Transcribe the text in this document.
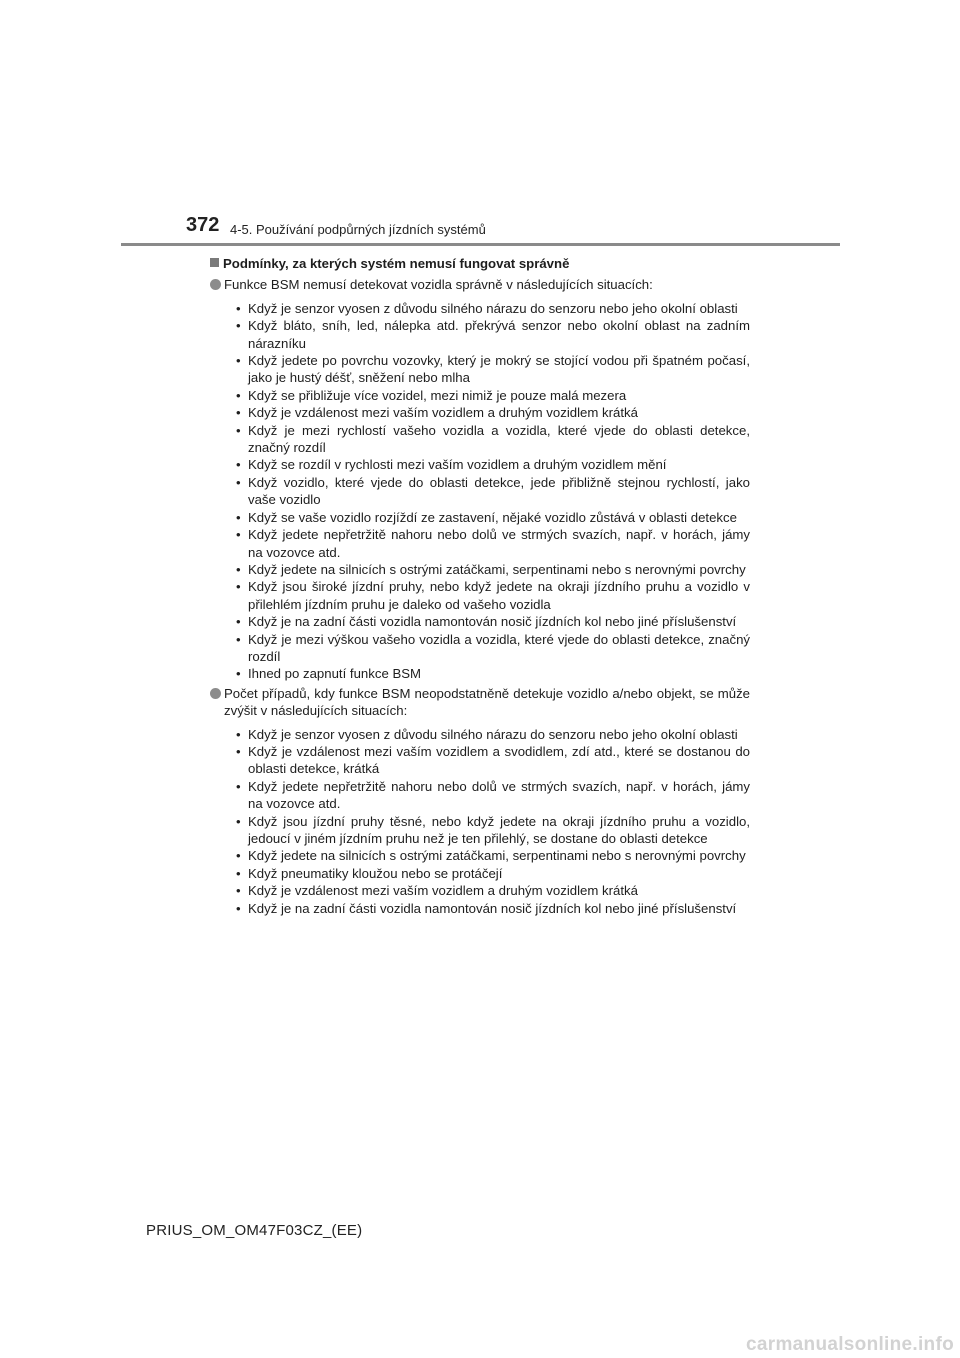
372 4-5. Používání podpůrných jízdních systémů
Podmínky, za kterých systém nemusí fungovat správně
Funkce BSM nemusí detekovat vozidla správně v následujících situacích:
• Když je senzor vyosen z důvodu silného nárazu do senzoru nebo jeho okolní oblasti
• Když bláto, sníh, led, nálepka atd. překrývá senzor nebo okolní oblast na zadním nárazníku
• Když jedete po povrchu vozovky, který je mokrý se stojící vodou při špatném počasí, jako je hustý déšť, sněžení nebo mlha
• Když se přibližuje více vozidel, mezi nimiž je pouze malá mezera
• Když je vzdálenost mezi vaším vozidlem a druhým vozidlem krátká
• Když je mezi rychlostí vašeho vozidla a vozidla, které vjede do oblasti detekce, značný rozdíl
• Když se rozdíl v rychlosti mezi vaším vozidlem a druhým vozidlem mění
• Když vozidlo, které vjede do oblasti detekce, jede přibližně stejnou rychlostí, jako vaše vozidlo
• Když se vaše vozidlo rozjíždí ze zastavení, nějaké vozidlo zůstává v oblasti detekce
• Když jedete nepřetržitě nahoru nebo dolů ve strmých svazích, např. v horách, jámy na vozovce atd.
• Když jedete na silnicích s ostrými zatáčkami, serpentinami nebo s nerovnými povrchy
• Když jsou široké jízdní pruhy, nebo když jedete na okraji jízdního pruhu a vozidlo v přilehlém jízdním pruhu je daleko od vašeho vozidla
• Když je na zadní části vozidla namontován nosič jízdních kol nebo jiné příslušenství
• Když je mezi výškou vašeho vozidla a vozidla, které vjede do oblasti detekce, značný rozdíl
• Ihned po zapnutí funkce BSM
Počet případů, kdy funkce BSM neopodstatněně detekuje vozidlo a/nebo objekt, se může zvýšit v následujících situacích:
• Když je senzor vyosen z důvodu silného nárazu do senzoru nebo jeho okolní oblasti
• Když je vzdálenost mezi vaším vozidlem a svodidlem, zdí atd., které se dostanou do oblasti detekce, krátká
• Když jedete nepřetržitě nahoru nebo dolů ve strmých svazích, např. v horách, jámy na vozovce atd.
• Když jsou jízdní pruhy těsné, nebo když jedete na okraji jízdního pruhu a vozidlo, jedoucí v jiném jízdním pruhu než je ten přilehlý, se dostane do oblasti detekce
• Když jedete na silnicích s ostrými zatáčkami, serpentinami nebo s nerovnými povrchy
• Když pneumatiky kloužou nebo se protáčejí
• Když je vzdálenost mezi vaším vozidlem a druhým vozidlem krátká
• Když je na zadní části vozidla namontován nosič jízdních kol nebo jiné příslušenství
PRIUS_OM_OM47F03CZ_(EE)
carmanualsonline.info
